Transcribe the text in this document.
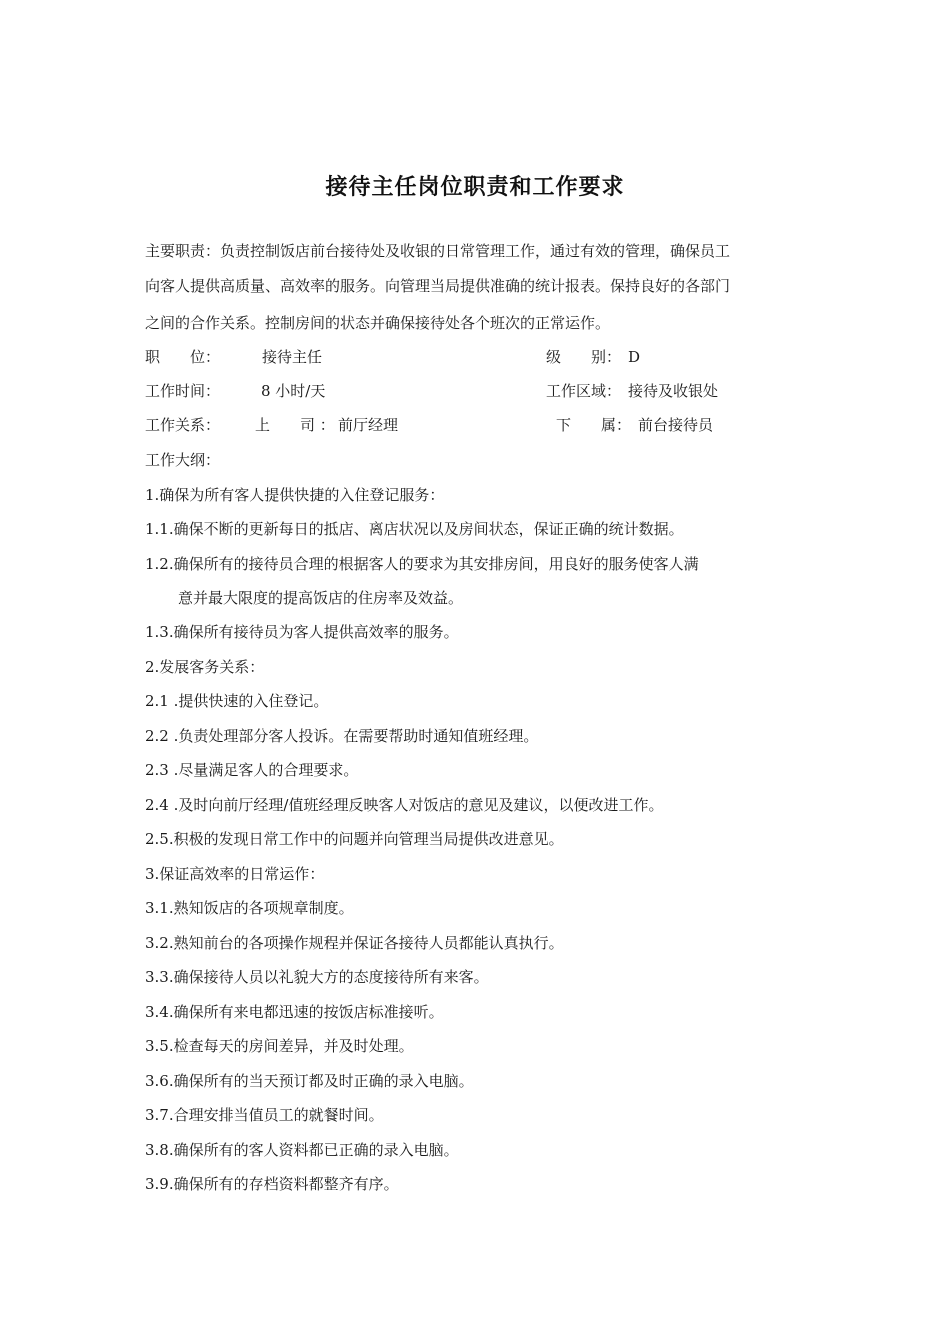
接待主任岗位职责和工作要求
主要职责：负责控制饭店前台接待处及收银的日常管理工作，通过有效的管理，确保员工
向客人提供高质量、高效率的服务。向管理当局提供准确的统计报表。保持良好的各部门
之间的合作关系。控制房间的状态并确保接待处各个班次的正常运作。
职　　位：	接待主任	级　　别： D
工作时间：	8 小时/天	工作区域： 接待及收银处
工作关系： 上　　司 ： 前厅经理	下　　属： 前台接待员
工作大纲：
1.确保为所有客人提供快捷的入住登记服务：
1.1.确保不断的更新每日的抵店、离店状况以及房间状态，保证正确的统计数据。
1.2.确保所有的接待员合理的根据客人的要求为其安排房间，用良好的服务使客人满
意并最大限度的提高饭店的住房率及效益。
1.3.确保所有接待员为客人提供高效率的服务。
2.发展客务关系：
2.1 .提供快速的入住登记。
2.2 .负责处理部分客人投诉。在需要帮助时通知值班经理。
2.3 .尽量满足客人的合理要求。
2.4 .及时向前厅经理/值班经理反映客人对饭店的意见及建议，以便改进工作。
2.5.积极的发现日常工作中的问题并向管理当局提供改进意见。
3.保证高效率的日常运作：
3.1.熟知饭店的各项规章制度。
3.2.熟知前台的各项操作规程并保证各接待人员都能认真执行。
3.3.确保接待人员以礼貌大方的态度接待所有来客。
3.4.确保所有来电都迅速的按饭店标准接听。
3.5.检查每天的房间差异，并及时处理。
3.6.确保所有的当天预订都及时正确的录入电脑。
3.7.合理安排当值员工的就餐时间。
3.8.确保所有的客人资料都已正确的录入电脑。
3.9.确保所有的存档资料都整齐有序。
